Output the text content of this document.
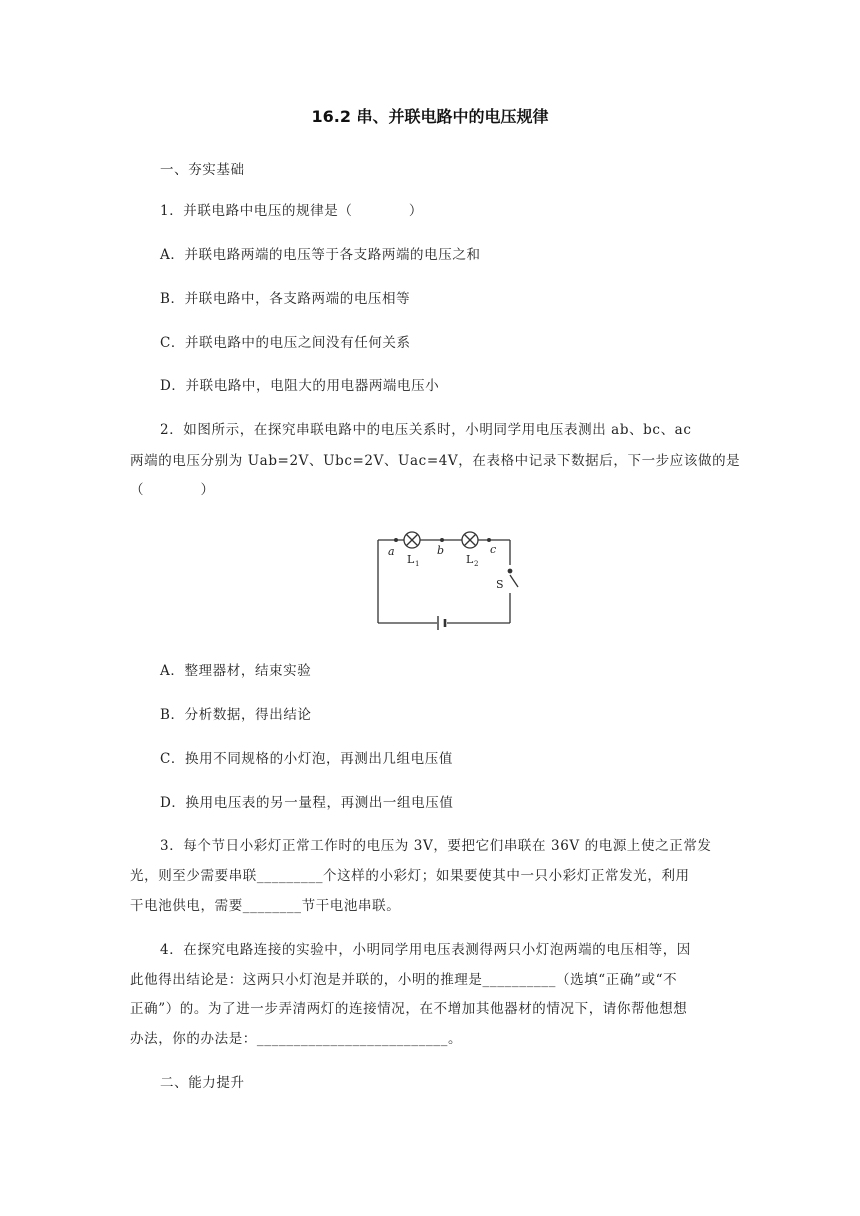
16.2 串、并联电路中的电压规律
一、夯实基础
1．并联电路中电压的规律是（　　　　）
A．并联电路两端的电压等于各支路两端的电压之和
B．并联电路中，各支路两端的电压相等
C．并联电路中的电压之间没有任何关系
D．并联电路中，电阻大的用电器两端电压小
2．如图所示，在探究串联电路中的电压关系时，小明同学用电压表测出 ab、bc、ac
两端的电压分别为 Uab=2V、Ubc=2V、Uac=4V，在表格中记录下数据后，下一步应该做的是
（　　　　）
a	b	c
L 1	L 2
S
A．整理器材，结束实验
B．分析数据，得出结论
C．换用不同规格的小灯泡，再测出几组电压值
D．换用电压表的另一量程，再测出一组电压值
3．每个节日小彩灯正常工作时的电压为 3V，要把它们串联在 36V 的电源上使之正常发
光，则至少需要串联_________个这样的小彩灯；如果要使其中一只小彩灯正常发光，利用
干电池供电，需要________节干电池串联。
4．在探究电路连接的实验中，小明同学用电压表测得两只小灯泡两端的电压相等，因
此他得出结论是：这两只小灯泡是并联的，小明的推理是__________（选填“正确”或“不
正确”）的。为了进一步弄清两灯的连接情况，在不增加其他器材的情况下，请你帮他想想
办法，你的办法是：__________________________。
二、能力提升
